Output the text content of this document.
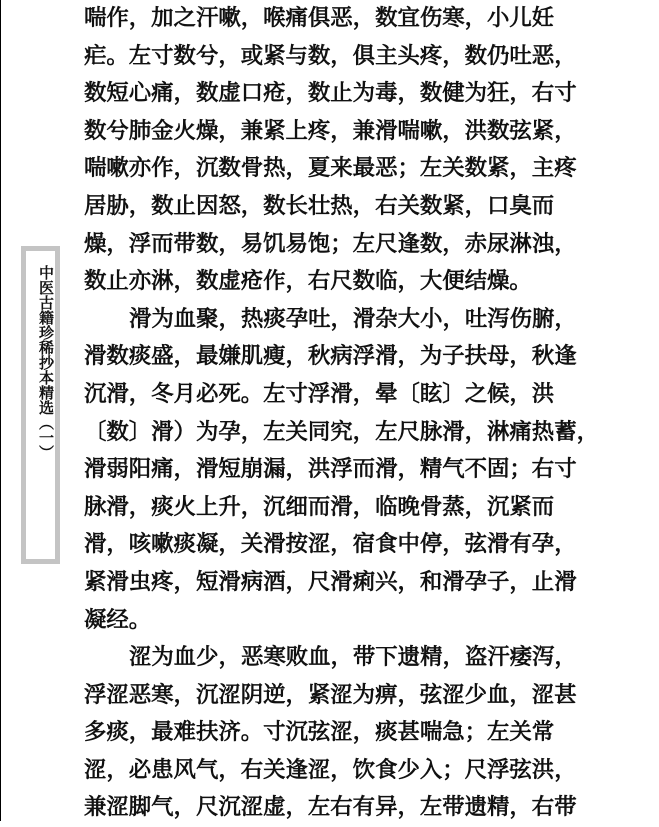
中医古籍珍稀抄本精选（一）
喘作，加之汗嗽，喉痛俱恶，数宜伤寒，小儿妊
疟。左寸数兮，或紧与数，俱主头疼，数仍吐恶，
数短心痛，数虚口疮，数止为毒，数健为狂，右寸
数兮肺金火燥，兼紧上疼，兼滑喘嗽，洪数弦紧，
喘嗽亦作，沉数骨热，夏来最恶；左关数紧，主疼
居胁，数止因怒，数长壮热，右关数紧，口臭而
燥，浮而带数，易饥易饱；左尺逢数，赤尿淋浊，
数止亦淋，数虚疮作，右尺数临，大便结燥。
滑为血聚，热痰孕吐，滑杂大小，吐泻伤腑，
滑数痰盛，最嫌肌瘦，秋病浮滑，为子扶母，秋逢
沉滑，冬月必死。左寸浮滑，晕〔眩〕之候，洪
〔数〕滑）为孕，左关同究，左尺脉滑，淋痛热蓄，
滑弱阳痛，滑短崩漏，洪浮而滑，精气不固；右寸
脉滑，痰火上升，沉细而滑，临晚骨蒸，沉紧而
滑，咳嗽痰凝，关滑按涩，宿食中停，弦滑有孕，
紧滑虫疼，短滑病酒，尺滑痢兴，和滑孕子，止滑
凝经。
涩为血少，恶寒败血，带下遗精，盗汗痿泻，
浮涩恶寒，沉涩阴逆，紧涩为痹，弦涩少血，涩甚
多痰，最难扶济。寸沉弦涩，痰甚喘急；左关常
涩，必患风气，右关逢涩，饮食少入；尺浮弦洪，
兼涩脚气，尺沉涩虚，左右有异，左带遗精，右带
